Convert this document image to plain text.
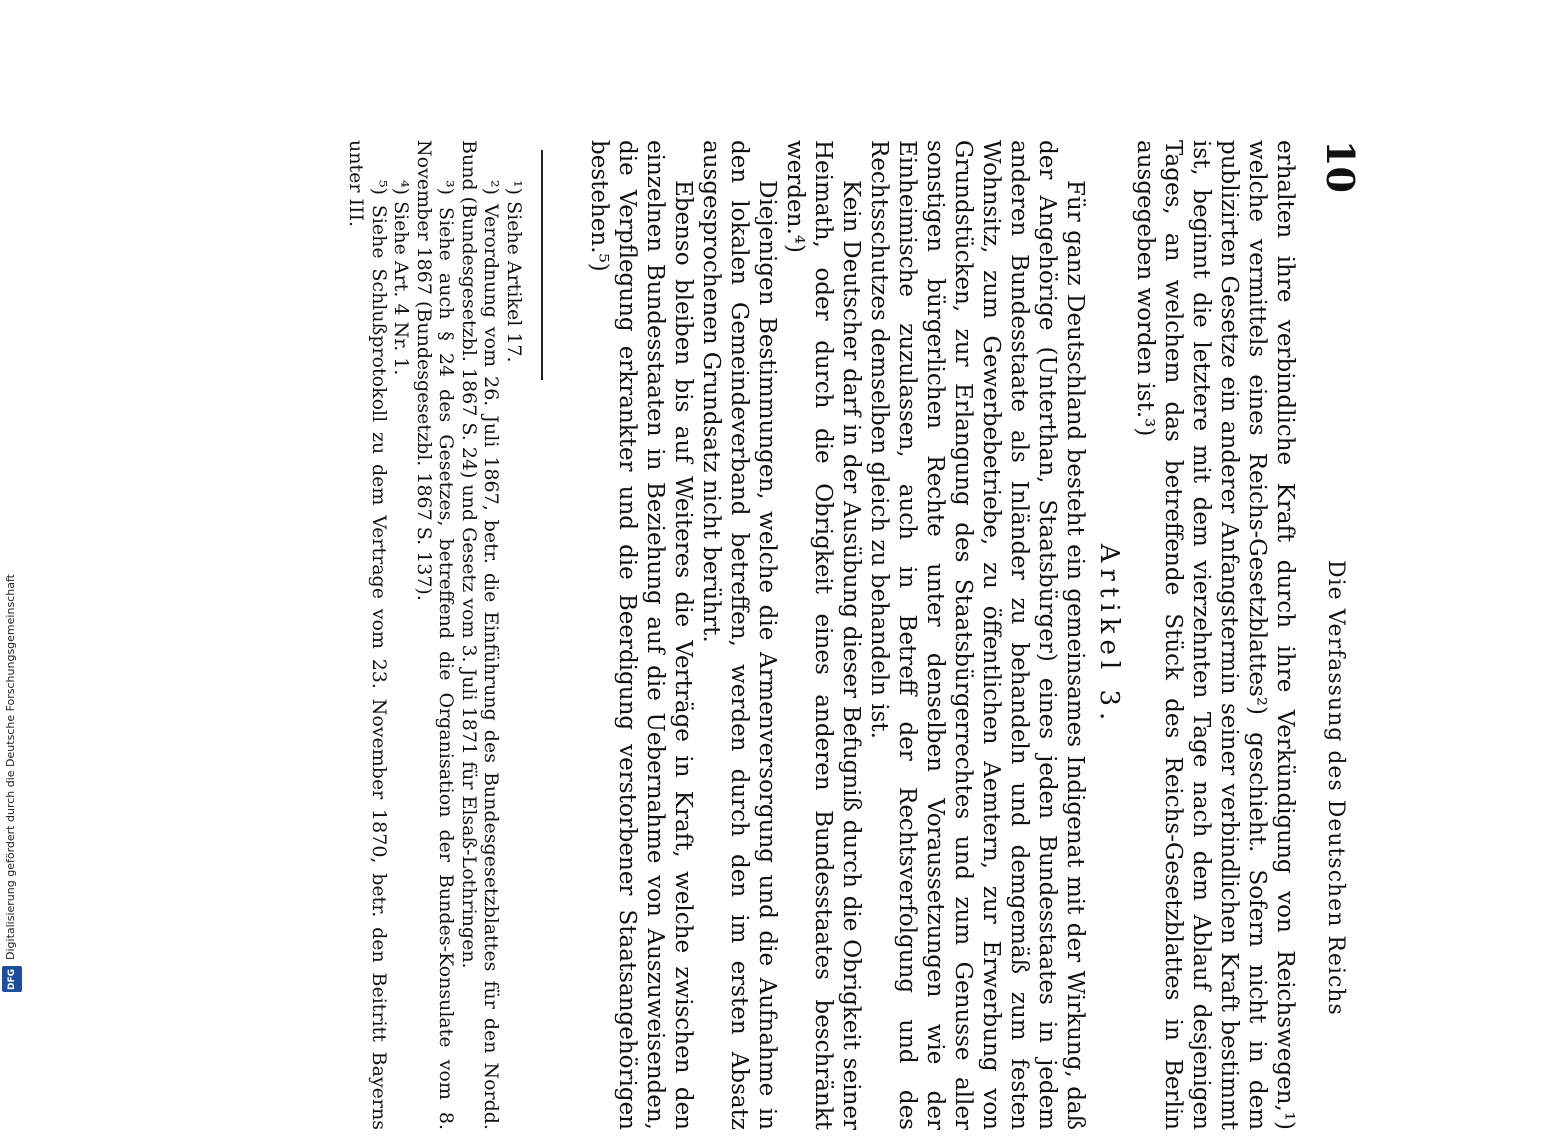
10
Die Verfassung des Deutschen Reichs

erhalten ihre verbindliche Kraft durch ihre Verkündigung von Reichswegen,¹) welche vermittels eines Reichs-Gesetzblattes²) geschieht. Sofern nicht in dem publizirten Gesetze ein anderer Anfangstermin seiner verbindlichen Kraft bestimmt ist, beginnt die letztere mit dem vierzehnten Tage nach dem Ablauf desjenigen Tages, an welchem das betreffende Stück des Reichs-Gesetzblattes in Berlin ausgegeben worden ist.³)

Artikel 3.

Für ganz Deutschland besteht ein gemeinsames Indigenat mit der Wirkung, daß der Angehörige (Unterthan, Staatsbürger) eines jeden Bundesstaates in jedem anderen Bundesstaate als Inländer zu behandeln und demgemäß zum festen Wohnsitz, zum Gewerbebetriebe, zu öffentlichen Aemtern, zur Erwerbung von Grundstücken, zur Erlangung des Staatsbürgerrechtes und zum Genusse aller sonstigen bürgerlichen Rechte unter denselben Voraussetzungen wie der Einheimische zuzulassen, auch in Betreff der Rechtsverfolgung und des Rechtsschutzes demselben gleich zu behandeln ist.

Kein Deutscher darf in der Ausübung dieser Befugniß durch die Obrigkeit seiner Heimath, oder durch die Obrigkeit eines anderen Bundesstaates beschränkt werden.⁴)

Diejenigen Bestimmungen, welche die Armenversorgung und die Aufnahme in den lokalen Gemeindeverband betreffen, werden durch den im ersten Absatz ausgesprochenen Grundsatz nicht berührt.

Ebenso bleiben bis auf Weiteres die Verträge in Kraft, welche zwischen den einzelnen Bundesstaaten in Beziehung auf die Uebernahme von Auszuweisenden, die Verpflegung erkrankter und die Beerdigung verstorbener Staatsangehörigen bestehen.⁵)

¹) Siehe Artikel 17.

²) Verordnung vom 26. Juli 1867, betr. die Einführung des Bundesgesetzblattes für den Nordd. Bund (Bundesgesetzbl. 1867 S. 24) und Gesetz vom 3. Juli 1871 für Elsaß-Lothringen.

³) Siehe auch § 24 des Gesetzes, betreffend die Organisation der Bundes-Konsulate vom 8. November 1867 (Bundesgesetzbl. 1867 S. 137).

⁴) Siehe Art. 4 Nr. 1.

⁵) Siehe Schlußprotokoll zu dem Vertrage vom 23. November 1870, betr. den Beitritt Bayerns unter III.

Digitalisierung gefördert durch die Deutsche Forschungsgemeinschaft
DFG
